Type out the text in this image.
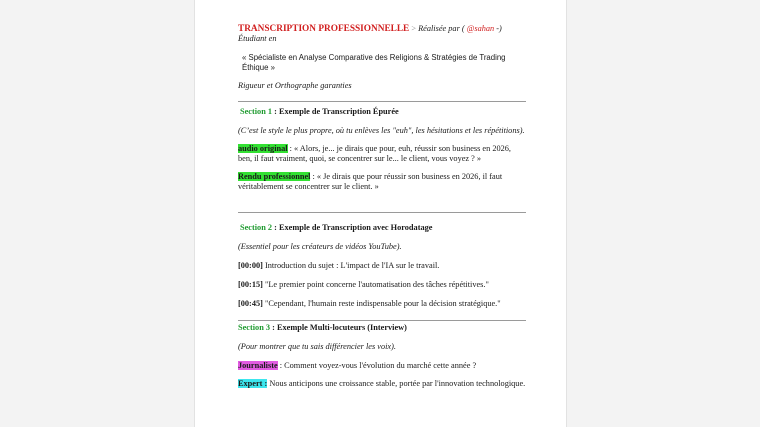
TRANSCRIPTION PROFESSIONNELLE > Réalisée par ( @sahan -)

Étudiant en

« Spécialiste en Analyse Comparative des Religions & Stratégies de Trading Éthique »

Rigueur et Orthographe garanties

Section 1 : Exemple de Transcription Épurée

(C’est le style le plus propre, où tu enlèves les "euh", les hésitations et les répétitions).

audio original : « Alors, je... je dirais que pour, euh, réussir son business en 2026, ben, il faut vraiment, quoi, se concentrer sur le... le client, vous voyez ? »

Rendu professionnel : « Je dirais que pour réussir son business en 2026, il faut véritablement se concentrer sur le client. »

Section 2 : Exemple de Transcription avec Horodatage

(Essentiel pour les créateurs de vidéos YouTube).

[00:00] Introduction du sujet : L'impact de l'IA sur le travail.

[00:15] "Le premier point concerne l'automatisation des tâches répétitives."

[00:45] "Cependant, l'humain reste indispensable pour la décision stratégique."

Section 3 : Exemple Multi-locuteurs (Interview)

(Pour montrer que tu sais différencier les voix).

Journaliste : Comment voyez-vous l'évolution du marché cette année ?

Expert : Nous anticipons une croissance stable, portée par l'innovation technologique.
